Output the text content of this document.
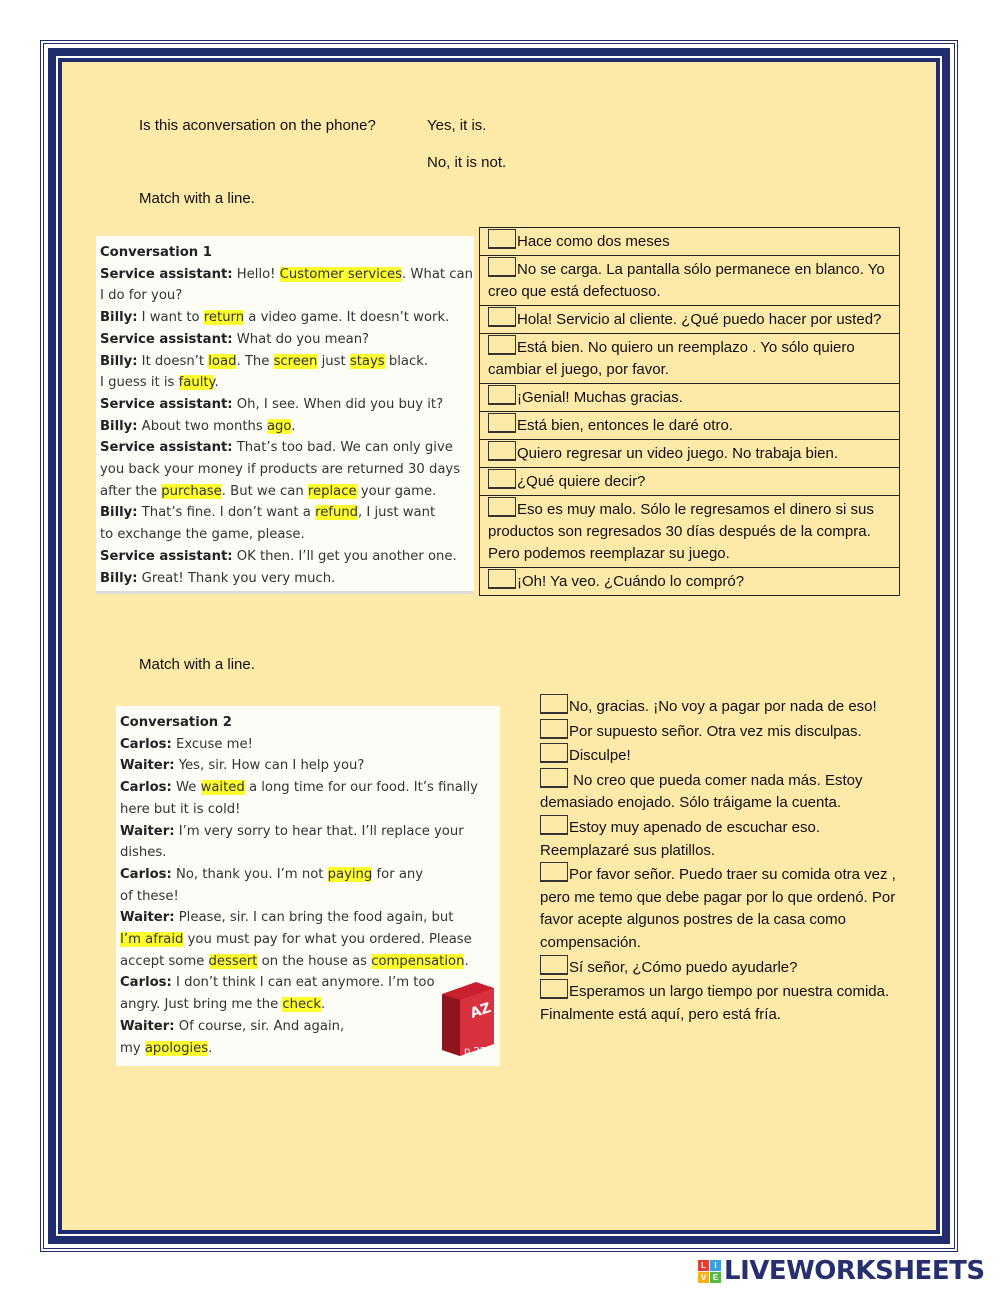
Is this aconversation on the phone?	Yes, it is.
No, it is not.
Match with a line.
Conversation 1
Service assistant: Hello! Customer services. What can
I do for you?
Billy: I want to return a video game. It doesn’t work.
Service assistant: What do you mean?
Billy: It doesn’t load. The screen just stays black.
I guess it is faulty.
Service assistant: Oh, I see. When did you buy it?
Billy: About two months ago.
Service assistant: That’s too bad. We can only give
you back your money if products are returned 30 days
after the purchase. But we can replace your game.
Billy: That’s fine. I don’t want a refund, I just want
to exchange the game, please.
Service assistant: OK then. I’ll get you another one.
Billy: Great! Thank you very much.
Hace como dos meses
No se carga. La pantalla sólo permanece en blanco. Yo creo que está defectuoso.
Hola! Servicio al cliente. ¿Qué puedo hacer por usted?
Está bien. No quiero un reemplazo . Yo sólo quiero cambiar el juego, por favor.
¡Genial! Muchas gracias.
Está bien, entonces le daré otro.
Quiero regresar un video juego. No trabaja bien.
¿Qué quiere decir?
Eso es muy malo. Sólo le regresamos el dinero si sus productos son regresados 30 días después de la compra. Pero podemos reemplazar su juego.
¡Oh! Ya veo. ¿Cuándo lo compró?
Match with a line.
Conversation 2
Carlos: Excuse me!
Waiter: Yes, sir. How can I help you?
Carlos: We waited a long time for our food. It’s finally
here but it is cold!
Waiter: I’m very sorry to hear that. I’ll replace your
dishes.
Carlos: No, thank you. I’m not paying for any
of these!
Waiter: Please, sir. I can bring the food again, but
I’m afraid you must pay for what you ordered. Please
accept some dessert on the house as compensation.
Carlos: I don’t think I can eat anymore. I’m too
angry. Just bring me the check.
Waiter: Of course, sir. And again,
my apologies.
AZ
p.22
No, gracias. ¡No voy a pagar por nada de eso!
Por supuesto señor. Otra vez mis disculpas.
Disculpe!
No creo que pueda comer nada más. Estoy demasiado enojado. Sólo tráigame la cuenta.
Estoy muy apenado de escuchar eso. Reemplazaré sus platillos.
Por favor señor. Puedo traer su comida otra vez , pero me temo que debe pagar por lo que ordenó. Por favor acepte algunos postres de la casa como compensación.
Sí señor, ¿Cómo puedo ayudarle?
Esperamos un largo tiempo por nuestra comida. Finalmente está aquí, pero está fría.
L	I
V E LIVEWORKSHEETS
